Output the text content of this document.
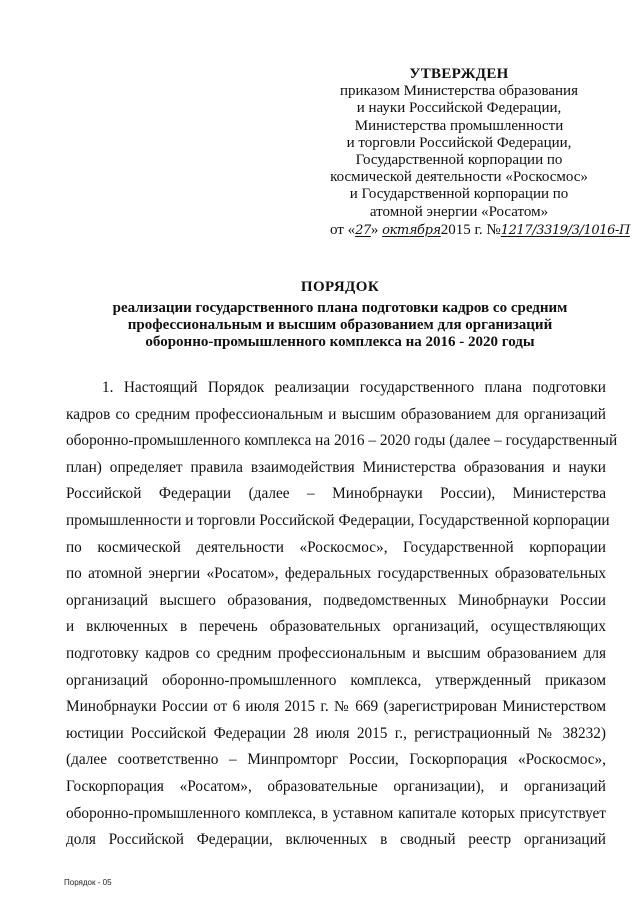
УТВЕРЖДЕН
приказом Министерства образования
и науки Российской Федерации,
Министерства промышленности
и торговли Российской Федерации,
Государственной корпорации по
космической деятельности «Роскосмос»
и Государственной корпорации по
атомной энергии «Росатом»
от «27» октября2015 г. №1217/3319/3/1016-П
ПОРЯДОК
реализации государственного плана подготовки кадров со средним
профессиональным и высшим образованием для организаций
оборонно-промышленного комплекса на 2016 - 2020 годы
1. Настоящий Порядок реализации государственного плана подготовки
кадров со средним профессиональным и высшим образованием для организаций
оборонно-промышленного комплекса на 2016 – 2020 годы (далее – государственный
план) определяет правила взаимодействия Министерства образования и науки
Российской Федерации (далее – Минобрнауки России), Министерства
промышленности и торговли Российской Федерации, Государственной корпорации
по космической деятельности «Роскосмос», Государственной корпорации
по атомной энергии «Росатом», федеральных государственных образовательных
организаций высшего образования, подведомственных Минобрнауки России
и включенных в перечень образовательных организаций, осуществляющих
подготовку кадров со средним профессиональным и высшим образованием для
организаций оборонно-промышленного комплекса, утвержденный приказом
Минобрнауки России от 6 июля 2015 г. № 669 (зарегистрирован Министерством
юстиции Российской Федерации 28 июля 2015 г., регистрационный № 38232)
(далее соответственно – Минпромторг России, Госкорпорация «Роскосмос»,
Госкорпорация «Росатом», образовательные организации), и организаций
оборонно-промышленного комплекса, в уставном капитале которых присутствует
доля Российской Федерации, включенных в сводный реестр организаций
Порядок - 05
